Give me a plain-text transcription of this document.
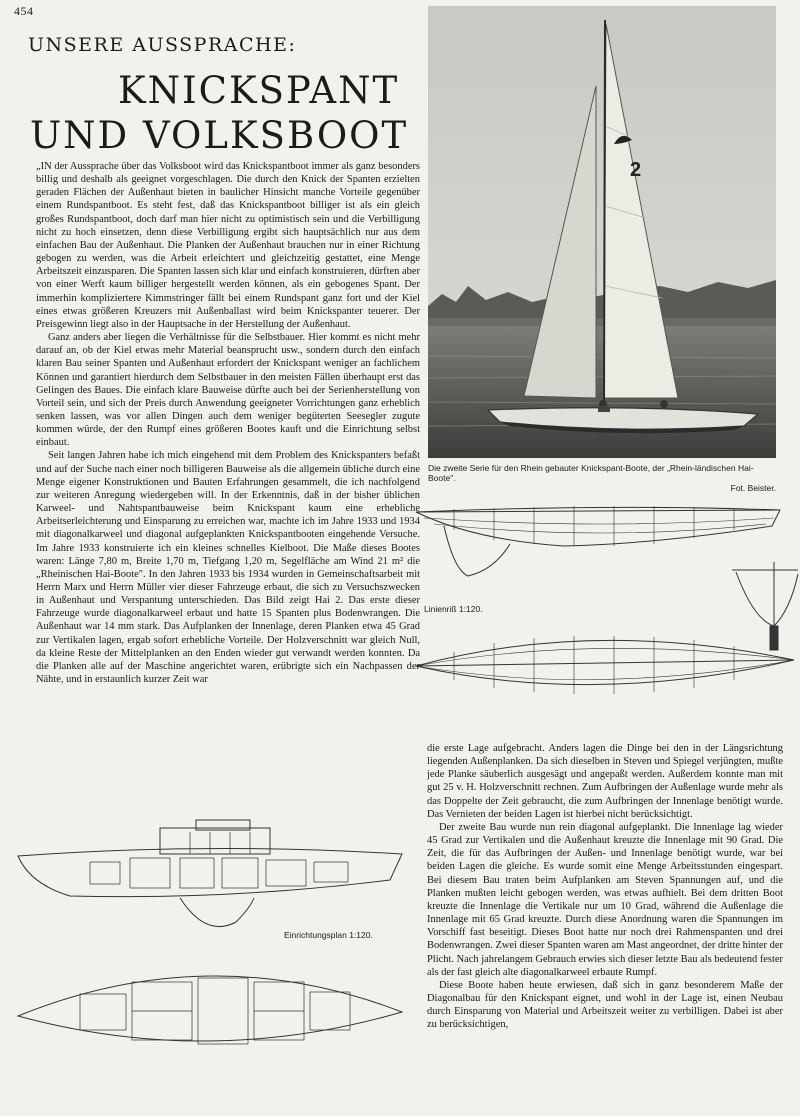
454
UNSERE AUSSPRACHE:
KNICKSPANT
UND VOLKSBOOT
2
Die zweite Serie für den Rhein gebauter Knickspant-Boote, der „Rhein-ländischen Hai-Boote".
Fot. Beister.
Linienriß 1:120.
Einrichtungsplan 1:120.

„IN der Aussprache über das Volksboot wird das Knickspantboot immer als ganz besonders billig und deshalb als geeignet vorgeschlagen. Die durch den Knick der Spanten erzielten geraden Flächen der Außenhaut bieten in baulicher Hinsicht manche Vorteile gegenüber einem Rundspantboot. Es steht fest, daß das Knickspantboot billiger ist als ein gleich großes Rundspantboot, doch darf man hier nicht zu optimistisch sein und die Verbilligung nicht zu hoch einsetzen, denn diese Verbilligung ergibt sich hauptsächlich nur aus dem einfachen Bau der Außenhaut. Die Planken der Außenhaut brauchen nur in einer Richtung gebogen zu werden, was die Arbeit erleichtert und gleichzeitig gestattet, eine Menge Arbeitszeit einzusparen. Die Spanten lassen sich klar und einfach konstruieren, dürften aber von einer Werft kaum billiger hergestellt werden können, als ein gebogenes Spant. Der immerhin kompliziertere Kimmstringer fällt bei einem Rundspant ganz fort und der Kiel eines etwas größeren Kreuzers mit Außenballast wird beim Knickspanter teuerer. Der Preisgewinn liegt also in der Hauptsache in der Herstellung der Außenhaut.

Ganz anders aber liegen die Verhältnisse für die Selbstbauer. Hier kommt es nicht mehr darauf an, ob der Kiel etwas mehr Material beansprucht usw., sondern durch den einfach klaren Bau seiner Spanten und Außenhaut erfordert der Knickspant weniger an fachlichem Können und garantiert hierdurch dem Selbstbauer in den meisten Fällen überhaupt erst das Gelingen des Baues. Die einfach klare Bauweise dürfte auch bei der Serienherstellung von Vorteil sein, und sich der Preis durch Anwendung geeigneter Vorrichtungen ganz erheblich senken lassen, was vor allen Dingen auch dem weniger begüterten Seesegler zugute kommen würde, der den Rumpf eines größeren Bootes kauft und die Einrichtung selbst einbaut.

Seit langen Jahren habe ich mich eingehend mit dem Problem des Knickspanters befaßt und auf der Suche nach einer noch billigeren Bauweise als die allgemein übliche durch eine Menge eigener Konstruktionen und Bauten Erfahrungen gesammelt, die ich nachfolgend zur weiteren Anregung wiedergeben will. In der Erkenntnis, daß in der bisher üblichen Karweel- und Nahtspantbauweise beim Knickspant kaum eine erhebliche Arbeitserleichterung und Einsparung zu erreichen war, machte ich im Jahre 1933 und 1934 mit diagonalkarweel und diagonal aufgeplankten Knickspantbooten eingehende Versuche. Im Jahre 1933 konstruierte ich ein kleines schnelles Kielboot. Die Maße dieses Bootes waren: Länge 7,80 m, Breite 1,70 m, Tiefgang 1,20 m, Segelfläche am Wind 21 m² die „Rheinischen Hai-Boote". In den Jahren 1933 bis 1934 wurden in Gemeinschaftsarbeit mit Herrn Marx und Herrn Müller vier dieser Fahrzeuge erbaut, die sich zu Versuchszwecken in Außenhaut und Verspantung unterschieden. Das Bild zeigt Hai 2. Das erste dieser Fahrzeuge wurde diagonalkarweel erbaut und hatte 15 Spanten plus Bodenwrangen. Die Außenhaut war 14 mm stark. Das Aufplanken der Innenlage, deren Planken etwa 45 Grad zur Vertikalen lagen, ergab sofort erhebliche Vorteile. Der Holzverschnitt war gleich Null, da kleine Reste der Mittelplanken an den Enden wieder gut verwandt werden konnten. Da die Planken alle auf der Maschine angerichtet waren, erübrigte sich ein Nachpassen der Nähte, und in erstaunlich kurzer Zeit war

die erste Lage aufgebracht. Anders lagen die Dinge bei den in der Längsrichtung liegenden Außenplanken. Da sich dieselben in Steven und Spiegel verjüngten, mußte jede Planke säuberlich ausgesägt und angepaßt werden. Außerdem konnte man mit gut 25 v. H. Holzverschnitt rechnen. Zum Aufbringen der Außenlage wurde mehr als das Doppelte der Zeit gebraucht, die zum Aufbringen der Innenlage benötigt wurde. Das Vernieten der beiden Lagen ist hierbei nicht berücksichtigt.

Der zweite Bau wurde nun rein diagonal aufgeplankt. Die Innenlage lag wieder 45 Grad zur Vertikalen und die Außenhaut kreuzte die Innenlage mit 90 Grad. Die Zeit, die für das Aufbringen der Außen- und Innenlage benötigt wurde, war bei beiden Lagen die gleiche. Es wurde somit eine Menge Arbeitsstunden eingespart. Bei diesem Bau traten beim Aufplanken am Steven Spannungen auf, und die Planken mußten leicht gebogen werden, was etwas aufhielt. Bei dem dritten Boot kreuzte die Innenlage die Vertikale nur um 10 Grad, während die Außenlage die Innenlage mit 65 Grad kreuzte. Durch diese Anordnung waren die Spannungen im Vorschiff fast beseitigt. Dieses Boot hatte nur noch drei Rahmenspanten und drei Bodenwrangen. Zwei dieser Spanten waren am Mast angeordnet, der dritte hinter der Plicht. Nach jahrelangem Gebrauch erwies sich dieser letzte Bau als bedeutend fester als der fast gleich alte diagonalkarweel erbaute Rumpf.

Diese Boote haben heute erwiesen, daß sich in ganz besonderem Maße der Diagonalbau für den Knickspant eignet, und wohl in der Lage ist, einen Neubau durch Einsparung von Material und Arbeitszeit weiter zu verbilligen. Dabei ist aber zu berücksichtigen,
